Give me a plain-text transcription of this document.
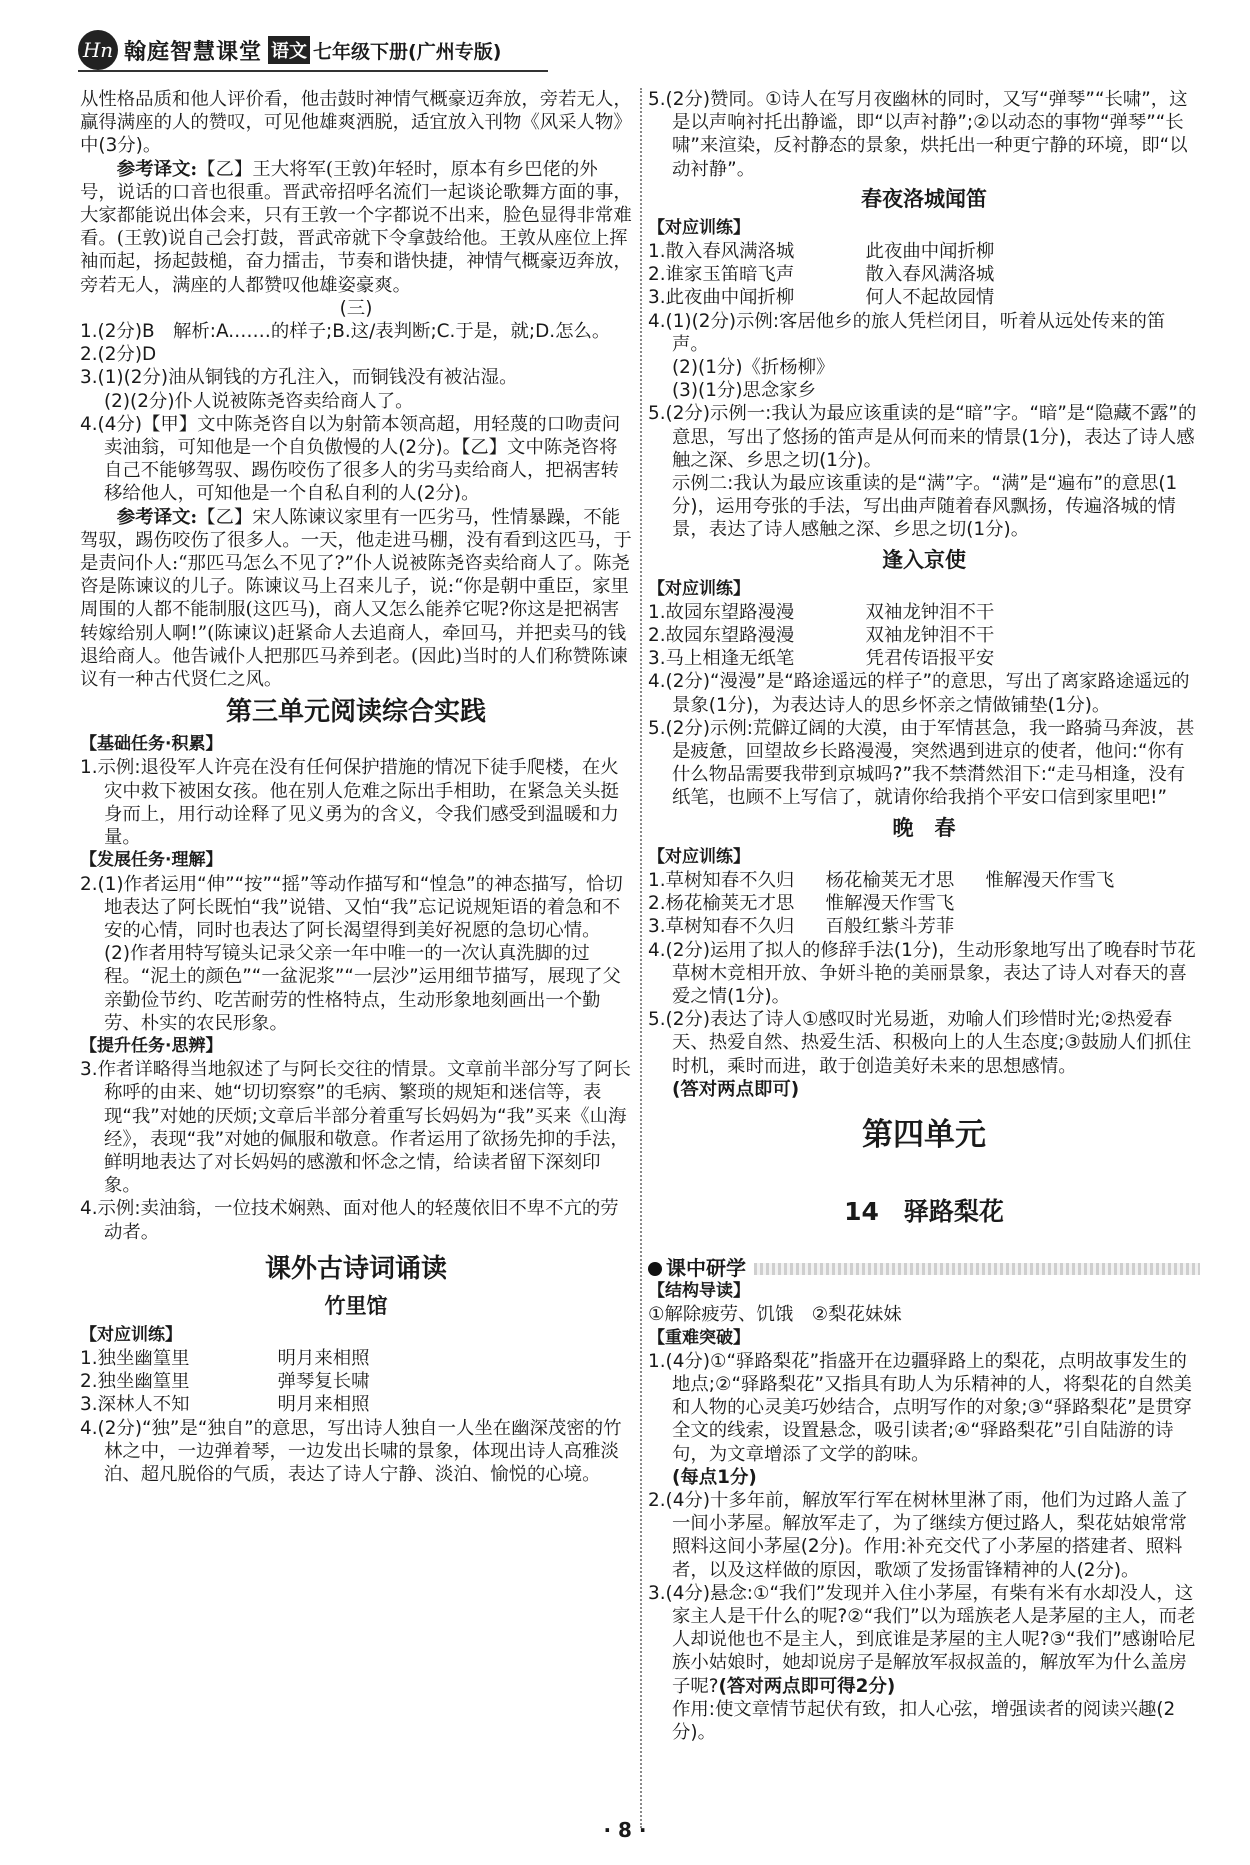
Hn 翰庭智慧课堂 语文 七年级下册(广州专版)

从性格品质和他人评价看，他击鼓时神情气概豪迈奔放，旁若无人，赢得满座的人的赞叹，可见他雄爽洒脱，适宜放入刊物《风采人物》中(3分)。

参考译文:【乙】王大将军(王敦)年轻时，原本有乡巴佬的外号，说话的口音也很重。晋武帝招呼名流们一起谈论歌舞方面的事，大家都能说出体会来，只有王敦一个字都说不出来，脸色显得非常难看。(王敦)说自己会打鼓，晋武帝就下令拿鼓给他。王敦从座位上挥袖而起，扬起鼓槌，奋力擂击，节奏和谐快捷，神情气概豪迈奔放，旁若无人，满座的人都赞叹他雄姿豪爽。

(三)

1.(2分)B　解析:A.……的样子;B.这/表判断;C.于是，就;D.怎么。

2.(2分)D

3.(1)(2分)油从铜钱的方孔注入，而铜钱没有被沾湿。

(2)(2分)仆人说被陈尧咨卖给商人了。

4.(4分)【甲】文中陈尧咨自以为射箭本领高超，用轻蔑的口吻责问卖油翁，可知他是一个自负傲慢的人(2分)。【乙】文中陈尧咨将自己不能够驾驭、踢伤咬伤了很多人的劣马卖给商人，把祸害转移给他人，可知他是一个自私自利的人(2分)。

参考译文:【乙】宋人陈谏议家里有一匹劣马，性情暴躁，不能驾驭，踢伤咬伤了很多人。一天，他走进马棚，没有看到这匹马，于是责问仆人:“那匹马怎么不见了?”仆人说被陈尧咨卖给商人了。陈尧咨是陈谏议的儿子。陈谏议马上召来儿子，说:“你是朝中重臣，家里周围的人都不能制服(这匹马)，商人又怎么能养它呢?你这是把祸害转嫁给别人啊!”(陈谏议)赶紧命人去追商人，牵回马，并把卖马的钱退给商人。他告诫仆人把那匹马养到老。(因此)当时的人们称赞陈谏议有一种古代贤仁之风。

第三单元阅读综合实践

【基础任务·积累】

1.示例:退役军人许亮在没有任何保护措施的情况下徒手爬楼，在火灾中救下被困女孩。他在别人危难之际出手相助，在紧急关头挺身而上，用行动诠释了见义勇为的含义，令我们感受到温暖和力量。

【发展任务·理解】

2.(1)作者运用“伸”“按”“摇”等动作描写和“惶急”的神态描写，恰切地表达了阿长既怕“我”说错、又怕“我”忘记说规矩语的着急和不安的心情，同时也表达了阿长渴望得到美好祝愿的急切心情。

(2)作者用特写镜头记录父亲一年中唯一的一次认真洗脚的过程。“泥土的颜色”“一盆泥浆”“一层沙”运用细节描写，展现了父亲勤俭节约、吃苦耐劳的性格特点，生动形象地刻画出一个勤劳、朴实的农民形象。

【提升任务·思辨】

3.作者详略得当地叙述了与阿长交往的情景。文章前半部分写了阿长称呼的由来、她“切切察察”的毛病、繁琐的规矩和迷信等，表现“我”对她的厌烦;文章后半部分着重写长妈妈为“我”买来《山海经》，表现“我”对她的佩服和敬意。作者运用了欲扬先抑的手法，鲜明地表达了对长妈妈的感激和怀念之情，给读者留下深刻印象。

4.示例:卖油翁，一位技术娴熟、面对他人的轻蔑依旧不卑不亢的劳动者。

课外古诗词诵读

竹里馆

【对应训练】

1.独坐幽篁里	明月来相照

2.独坐幽篁里	弹琴复长啸

3.深林人不知	明月来相照

4.(2分)“独”是“独自”的意思，写出诗人独自一人坐在幽深茂密的竹林之中，一边弹着琴，一边发出长啸的景象，体现出诗人高雅淡泊、超凡脱俗的气质，表达了诗人宁静、淡泊、愉悦的心境。

5.(2分)赞同。①诗人在写月夜幽林的同时，又写“弹琴”“长啸”，这是以声响衬托出静谧，即“以声衬静”;②以动态的事物“弹琴”“长啸”来渲染，反衬静态的景象，烘托出一种更宁静的环境，即“以动衬静”。

春夜洛城闻笛

【对应训练】

1.散入春风满洛城	此夜曲中闻折柳

2.谁家玉笛暗飞声	散入春风满洛城

3.此夜曲中闻折柳	何人不起故园情

4.(1)(2分)示例:客居他乡的旅人凭栏闭目，听着从远处传来的笛声。

(2)(1分)《折杨柳》

(3)(1分)思念家乡

5.(2分)示例一:我认为最应该重读的是“暗”字。“暗”是“隐藏不露”的意思，写出了悠扬的笛声是从何而来的情景(1分)，表达了诗人感触之深、乡思之切(1分)。

示例二:我认为最应该重读的是“满”字。“满”是“遍布”的意思(1分)，运用夸张的手法，写出曲声随着春风飘扬，传遍洛城的情景，表达了诗人感触之深、乡思之切(1分)。

逢入京使

【对应训练】

1.故园东望路漫漫	双袖龙钟泪不干

2.故园东望路漫漫	双袖龙钟泪不干

3.马上相逢无纸笔	凭君传语报平安

4.(2分)“漫漫”是“路途遥远的样子”的意思，写出了离家路途遥远的景象(1分)，为表达诗人的思乡怀亲之情做铺垫(1分)。

5.(2分)示例:荒僻辽阔的大漠，由于军情甚急，我一路骑马奔波，甚是疲惫，回望故乡长路漫漫，突然遇到进京的使者，他问:“你有什么物品需要我带到京城吗?”我不禁潸然泪下:“走马相逢，没有纸笔，也顾不上写信了，就请你给我捎个平安口信到家里吧!”

晚　春

【对应训练】

1.草树知春不久归 杨花榆荚无才思 惟解漫天作雪飞

2.杨花榆荚无才思 惟解漫天作雪飞

3.草树知春不久归 百般红紫斗芳菲

4.(2分)运用了拟人的修辞手法(1分)，生动形象地写出了晚春时节花草树木竞相开放、争妍斗艳的美丽景象，表达了诗人对春天的喜爱之情(1分)。

5.(2分)表达了诗人①感叹时光易逝，劝喻人们珍惜时光;②热爱春天、热爱自然、热爱生活、积极向上的人生态度;③鼓励人们抓住时机，乘时而进，敢于创造美好未来的思想感情。

(答对两点即可)

第四单元

14　驿路梨花

课中研学

【结构导读】

①解除疲劳、饥饿　②梨花妹妹

【重难突破】

1.(4分)①“驿路梨花”指盛开在边疆驿路上的梨花，点明故事发生的地点;②“驿路梨花”又指具有助人为乐精神的人，将梨花的自然美和人物的心灵美巧妙结合，点明写作的对象;③“驿路梨花”是贯穿全文的线索，设置悬念，吸引读者;④“驿路梨花”引自陆游的诗句，为文章增添了文学的韵味。

(每点1分)

2.(4分)十多年前，解放军行军在树林里淋了雨，他们为过路人盖了一间小茅屋。解放军走了，为了继续方便过路人，梨花姑娘常常照料这间小茅屋(2分)。作用:补充交代了小茅屋的搭建者、照料者，以及这样做的原因，歌颂了发扬雷锋精神的人(2分)。

3.(4分)悬念:①“我们”发现并入住小茅屋，有柴有米有水却没人，这家主人是干什么的呢?②“我们”以为瑶族老人是茅屋的主人，而老人却说他也不是主人，到底谁是茅屋的主人呢?③“我们”感谢哈尼族小姑娘时，她却说房子是解放军叔叔盖的，解放军为什么盖房子呢?(答对两点即可得2分)

作用:使文章情节起伏有致，扣人心弦，增强读者的阅读兴趣(2分)。

· 8 ·
